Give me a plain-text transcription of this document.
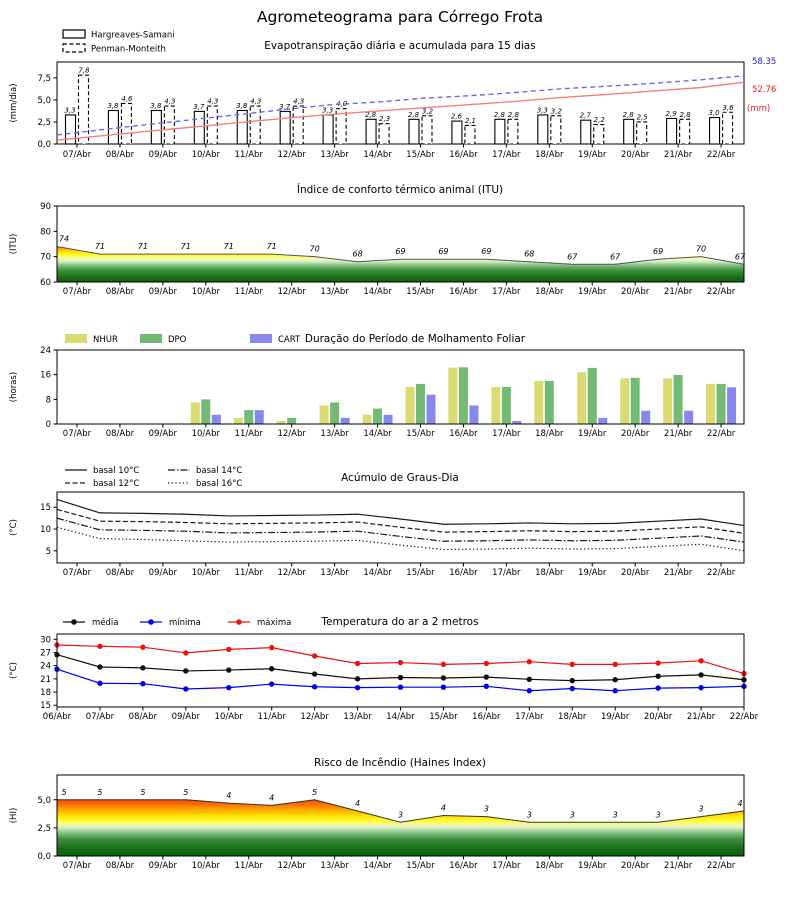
Agrometeograma para Córrego Frota
0,0
2,5
5,0
7,5
07/Abr 08/Abr 09/Abr 10/Abr 11/Abr 12/Abr 13/Abr 14/Abr 15/Abr 16/Abr 17/Abr 18/Abr 19/Abr 20/Abr 21/Abr 22/Abr
(mm/dia)
Evapotranspiração diária e acumulada para 15 dias
Hargreaves-Samani
Penman-Monteith
3,3
3,8	3,8	3,7	3,8	3,7	3,3
2,8	2,8	2,6	2,8
3,3
2,7	2,8	2,9	3,0
7,8
4,6	4,3	4,3	4,3	4,3	4,0
2,3
3,2
2,1
2,8	3,2
2,2	2,5	2,8
3,6
58.35
52.76
(mm)
74
71	71	71	71	71	70
68	69	69	69	68	67	67
69	70
67
60
70
80
90
07/Abr 08/Abr 09/Abr 10/Abr 11/Abr 12/Abr 13/Abr 14/Abr 15/Abr 16/Abr 17/Abr 18/Abr 19/Abr 20/Abr 21/Abr 22/Abr
(ITU)
Índice de conforto térmico animal (ITU)
NHUR	DPO	CART Duração do Período de Molhamento Foliar
0
8
16
24
07/Abr 08/Abr 09/Abr 10/Abr 11/Abr 12/Abr 13/Abr 14/Abr 15/Abr 16/Abr 17/Abr 18/Abr 19/Abr 20/Abr 21/Abr 22/Abr
(horas)
basal 10°C
basal 12°C
basal 14°C
basal 16°C
5
10
15
07/Abr 08/Abr 09/Abr 10/Abr 11/Abr 12/Abr 13/Abr 14/Abr 15/Abr 16/Abr 17/Abr 18/Abr 19/Abr 20/Abr 21/Abr 22/Abr
(°C)
Acúmulo de Graus-Dia
média	mínima	máxima
15
18
21
24
27
30
06/Abr 07/Abr 08/Abr 09/Abr 10/Abr 11/Abr 12/Abr 13/Abr 14/Abr 15/Abr 16/Abr 17/Abr 18/Abr 19/Abr 20/Abr 21/Abr 22/Abr
(°C)
Temperatura do ar a 2 metros
5	5	5	5	4	4
5
4
3
4	3
3	3	3	3
3
4
0,0
2,5
5,0
07/Abr 08/Abr 09/Abr 10/Abr 11/Abr 12/Abr 13/Abr 14/Abr 15/Abr 16/Abr 17/Abr 18/Abr 19/Abr 20/Abr 21/Abr 22/Abr
(HI)
Risco de Incêndio (Haines Index)
